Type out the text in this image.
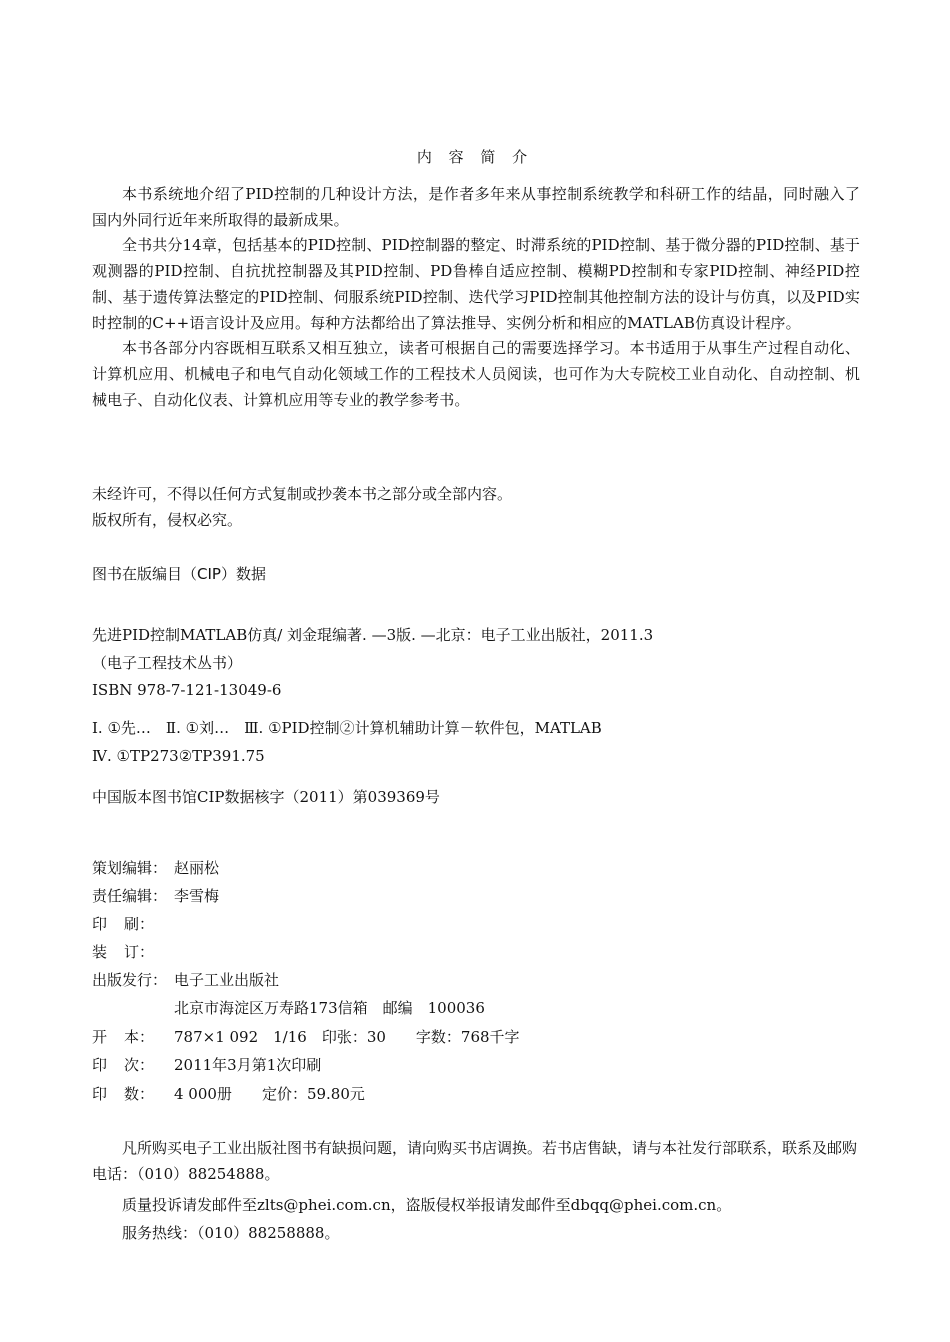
内 容 简 介

本书系统地介绍了PID控制的几种设计方法，是作者多年来从事控制系统教学和科研工作的结晶，同时融入了国内外同行近年来所取得的最新成果。

全书共分14章，包括基本的PID控制、PID控制器的整定、时滞系统的PID控制、基于微分器的PID控制、基于观测器的PID控制、自抗扰控制器及其PID控制、PD鲁棒自适应控制、模糊PD控制和专家PID控制、神经PID控制、基于遗传算法整定的PID控制、伺服系统PID控制、迭代学习PID控制其他控制方法的设计与仿真，以及PID实时控制的C++语言设计及应用。每种方法都给出了算法推导、实例分析和相应的MATLAB仿真设计程序。

本书各部分内容既相互联系又相互独立，读者可根据自己的需要选择学习。本书适用于从事生产过程自动化、计算机应用、机械电子和电气自动化领域工作的工程技术人员阅读，也可作为大专院校工业自动化、自动控制、机械电子、自动化仪表、计算机应用等专业的教学参考书。

未经许可，不得以任何方式复制或抄袭本书之部分或全部内容。
版权所有，侵权必究。
图书在版编目（CIP）数据
先进PID控制MATLAB仿真/ 刘金琨编著. —3版. —北京：电子工业出版社，2011.3
（电子工程技术丛书）
ISBN 978-7-121-13049-6
Ⅰ. ①先…　Ⅱ. ①刘…　Ⅲ. ①PID控制②计算机辅助计算－软件包，MATLAB
Ⅳ. ①TP273②TP391.75
中国版本图书馆CIP数据核字（2011）第039369号
策划编辑： 赵丽松
责任编辑： 李雪梅
印 刷：
装 订：
出版发行： 电子工业出版社
北京市海淀区万寿路173信箱　邮编　100036
开 本： 787×1 092　1/16　印张：30　　字数：768千字
印 次： 2011年3月第1次印刷
印 数： 4 000册　　定价：59.80元

凡所购买电子工业出版社图书有缺损问题，请向购买书店调换。若书店售缺，请与本社发行部联系，联系及邮购电话：（010）88254888。

质量投诉请发邮件至zlts@phei.com.cn，盗版侵权举报请发邮件至dbqq@phei.com.cn。

服务热线：（010）88258888。
